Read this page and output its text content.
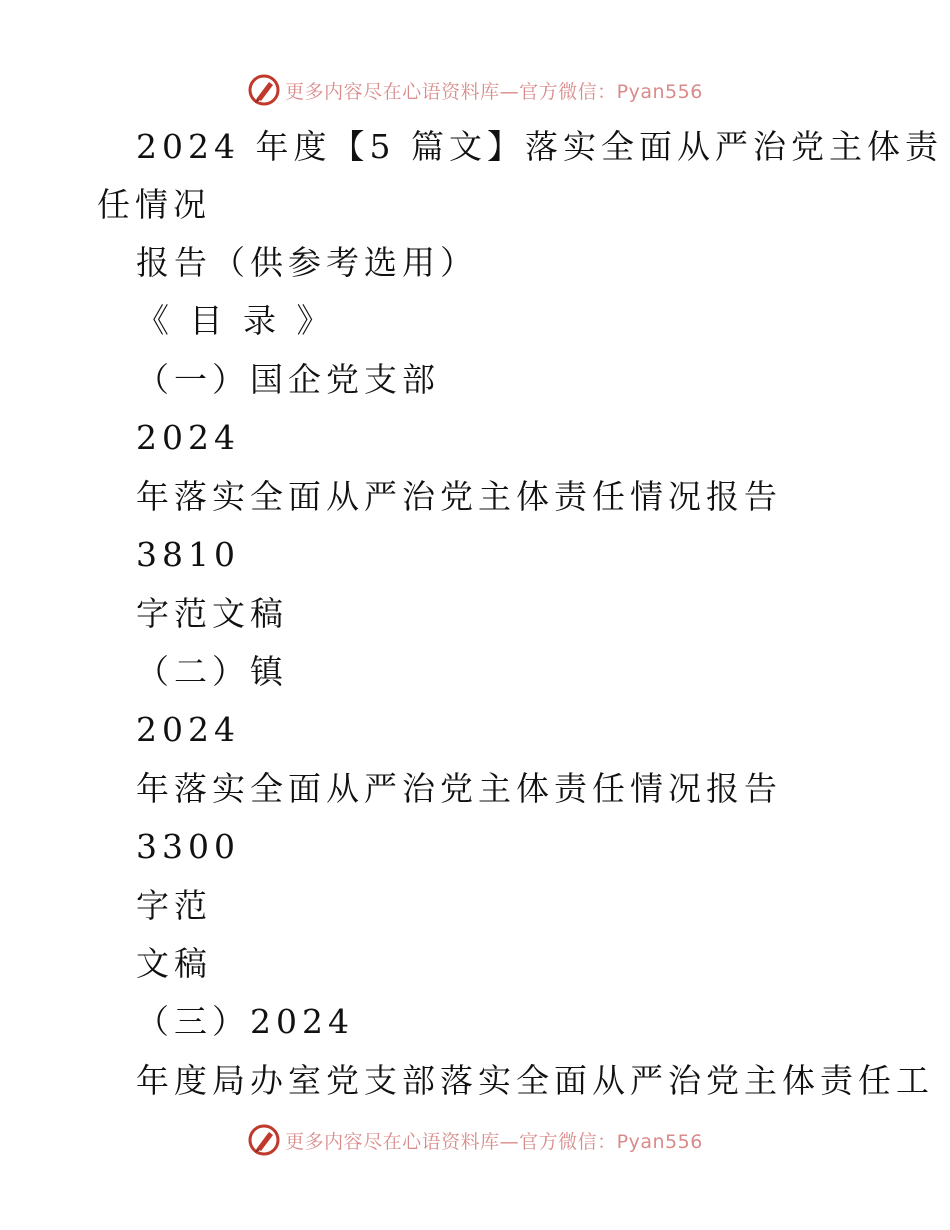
更多内容尽在心语资料库—官方微信：Pyan556
2024 年度【5 篇文】落实全面从严治党主体责
任情况
报告（供参考选用）
《 目 录 》
（一）国企党支部
2024
年落实全面从严治党主体责任情况报告
3810
字范文稿
（二）镇
2024
年落实全面从严治党主体责任情况报告
3300
字范
文稿
（三）2024
年度局办室党支部落实全面从严治党主体责任工
更多内容尽在心语资料库—官方微信：Pyan556
